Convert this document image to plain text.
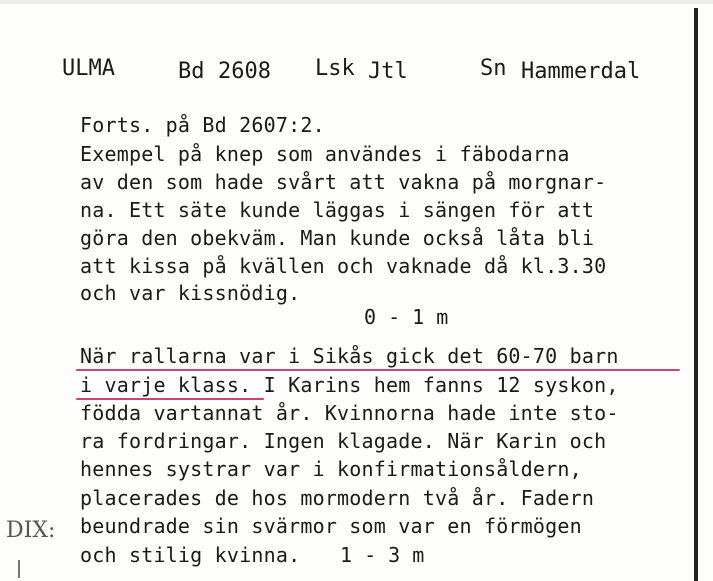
ULMA	Bd 2608 Lsk Jtl	Sn Hammerdal
Forts. på Bd 2607:2.
Exempel på knep som användes i fäbodarna
av den som hade svårt att vakna på morgnar-
na. Ett säte kunde läggas i sängen för att
göra den obekväm. Man kunde också låta bli
att kissa på kvällen och vaknade då kl.3.30
och var kissnödig.
0 - 1 m
När rallarna var i Sikås gick det 60-70 barn
i varje klass. I Karins hem fanns 12 syskon,
födda vartannat år. Kvinnorna hade inte sto-
ra fordringar. Ingen klagade. När Karin och
hennes systrar var i konfirmationsåldern,
placerades de hos mormodern två år. Fadern
beundrade sin svärmor som var en förmögen
och stilig kvinna. 1 - 3 m
DIX:
